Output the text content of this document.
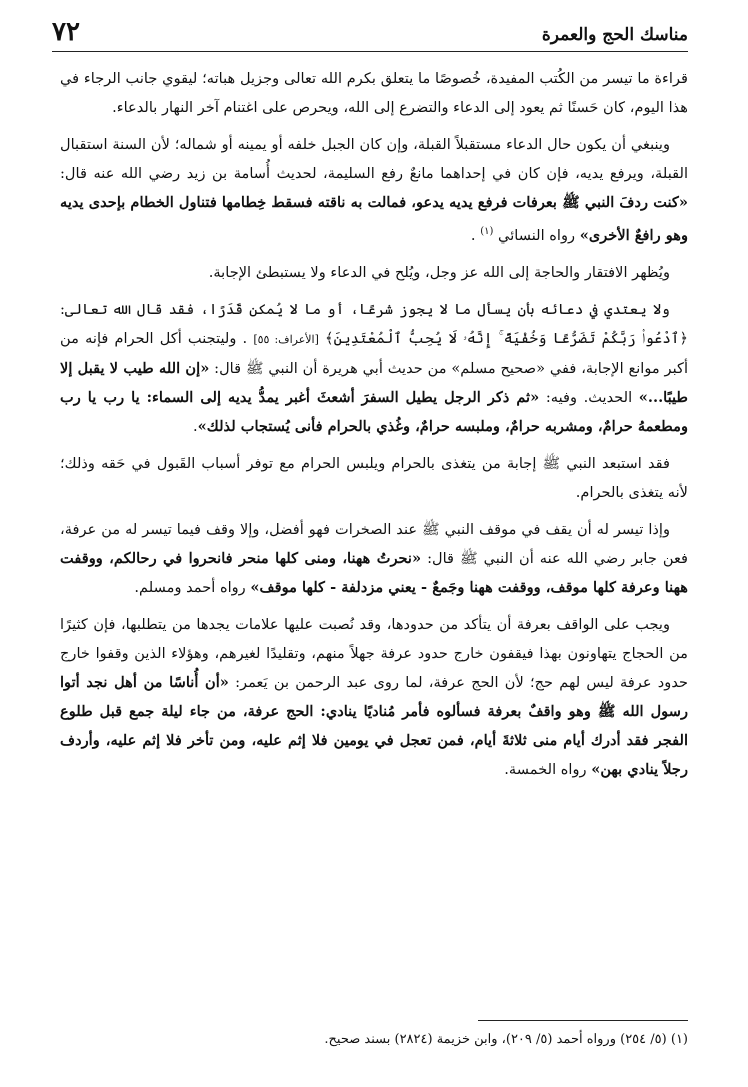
مناسك الحج والعمرة
٧٢

قراءة ما تيسر من الكُتب المفيدة، خُصوصًا ما يتعلق بكرم الله تعالى وجزيل هباته؛ ليقوي جانب الرجاء في هذا اليوم، كان حَسنًا ثم يعود إلى الدعاء والتضرع إلى الله، ويحرص على اغتنام آخر النهار بالدعاء.

وينبغي أن يكون حال الدعاء مستقبلاً القبلة، وإن كان الجبل خلفه أو يمينه أو شماله؛ لأن السنة استقبال القبلة، ويرفع يديه، فإن كان في إحداهما مانعٌ رفع السليمة، لحديث أُسامة بن زيد رضي الله عنه قال: «كنت ردفَ النبي ﷺ بعرفات فرفع يديه يدعو، فمالت به ناقته فسقط خِطامها فتناول الخطام بإحدى يديه وهو رافعٌ الأخرى» رواه النسائي $^{(١)}$ .

ويُظهر الافتقار والحاجة إلى الله عز وجل، ويُلح في الدعاء ولا يستبطئ الإجابة.

ولا يعتدي في دعائه بأن يسأل ما لا يجوز شرعًا، أو ما لا يُمكن قَدَرًا، فقد قال الله تعالى: ﴿ٱدْعُوا۟ رَبَّكُمْ تَضَرُّعًا وَخُفْيَةً ۚ إِنَّهُۥ لَا يُحِبُّ ٱلْمُعْتَدِينَ﴾ [الأعراف: ٥٥] . وليتجنب أكل الحرام فإنه من أكبر موانع الإجابة، ففي «صحيح مسلم» من حديث أبي هريرة أن النبي ﷺ قال: «إن الله طيب لا يقبل إلا طيبًا...» الحديث. وفيه: «ثم ذكر الرجل يطيل السفرَ أشعثَ أغبر يمدُّ يديه إلى السماء: يا رب يا رب ومطعمهُ حرامٌ، ومشربه حرامٌ، وملبسه حرامٌ، وغُذي بالحرام فأنى يُستجاب لذلك».

فقد استبعد النبي ﷺ إجابة من يتغذى بالحرام ويلبس الحرام مع توفر أسباب القَبول في حَقه وذلك؛ لأنه يتغذى بالحرام.

وإذا تيسر له أن يقف في موقف النبي ﷺ عند الصخرات فهو أفضل، وإلا وقف فيما تيسر له من عرفة، فعن جابر رضي الله عنه أن النبي ﷺ قال: «نحرتُ ههنا، ومنى كلها منحر فانحروا في رحالكم، ووقفت ههنا وعرفة كلها موقف، ووقفت ههنا وجَمعٌ - يعني مزدلفة - كلها موقف» رواه أحمد ومسلم.

ويجب على الواقف بعرفة أن يتأكد من حدودها، وقد نُصبت عليها علامات يجدها من يتطلبها، فإن كثيرًا من الحجاج يتهاونون بهذا فيقفون خارج حدود عرفة جهلاً منهم، وتقليدًا لغيرهم، وهؤلاء الذين وقفوا خارج حدود عرفة ليس لهم حج؛ لأن الحج عرفة، لما روى عبد الرحمن بن يَعمر: «أن أُناسًا من أهل نجد أتوا رسول الله ﷺ وهو واقفٌ بعرفة فسألوه فأمر مُناديًا ينادي: الحج عرفة، من جاء ليلة جمع قبل طلوع الفجر فقد أدرك أيام منى ثلاثةَ أيام، فمن تعجل في يومين فلا إثم عليه، ومن تأخر فلا إثم عليه، وأردف رجلاً ينادي بهن» رواه الخمسة.

(١) (٥/ ٢٥٤) ورواه أحمد (٥/ ٢٠٩)، وابن خزيمة (٢٨٢٤) بسند صحيح.
